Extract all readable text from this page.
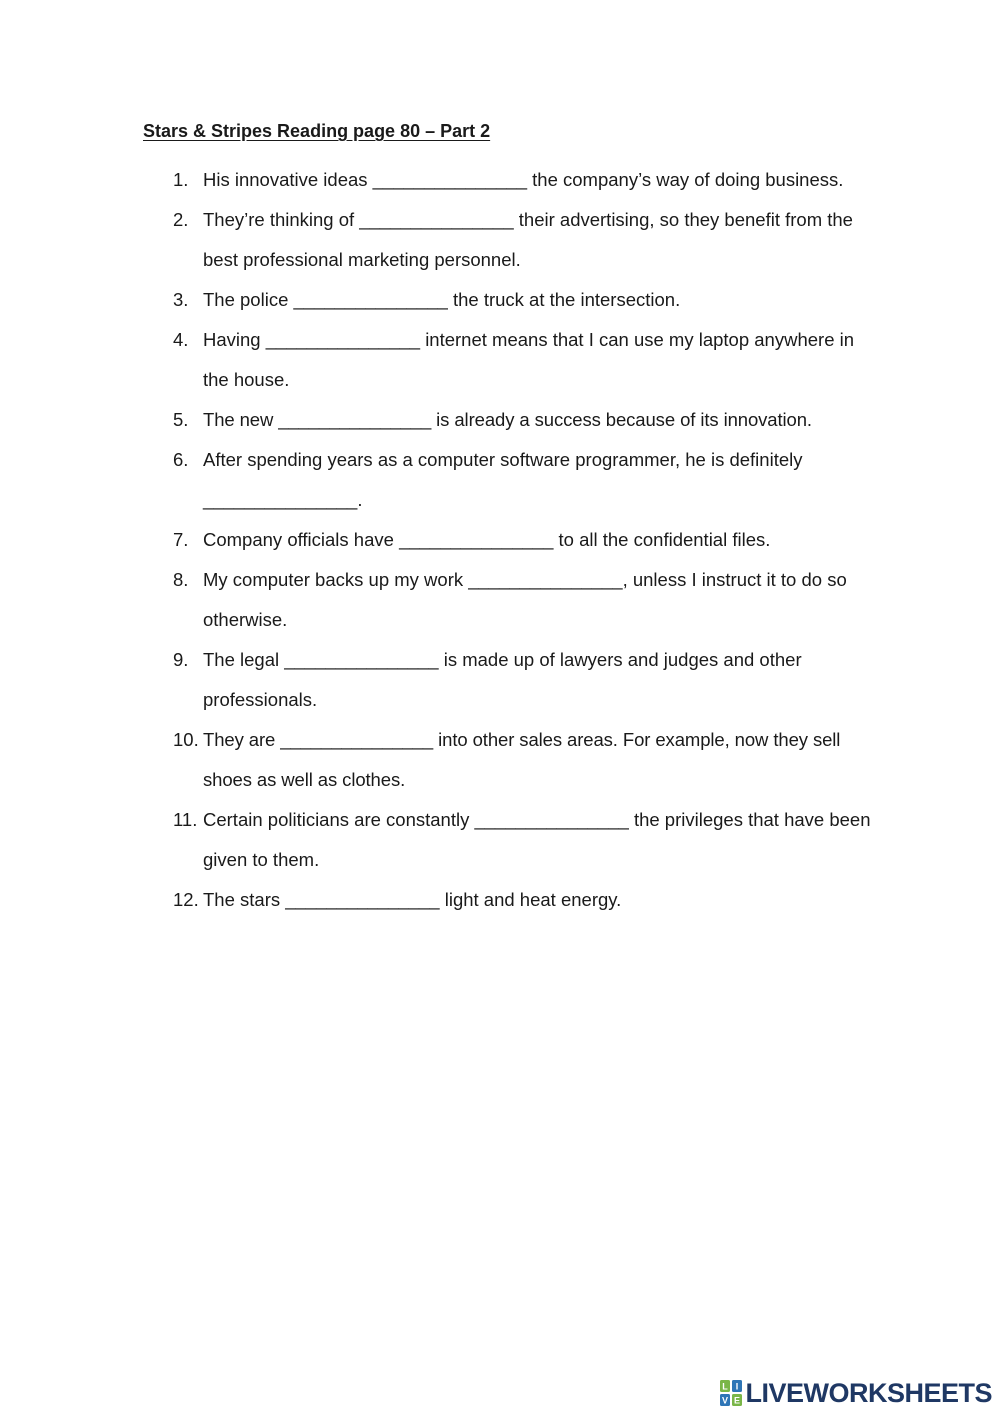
Stars & Stripes Reading page 80 – Part 2
1. His innovative ideas _______________ the company’s way of doing business.
2. They’re thinking of _______________ their advertising, so they benefit from the best professional marketing personnel.
3. The police _______________ the truck at the intersection.
4. Having _______________ internet means that I can use my laptop anywhere in the house.
5. The new _______________ is already a success because of its innovation.
6. After spending years as a computer software programmer, he is definitely _______________.
7. Company officials have _______________ to all the confidential files.
8. My computer backs up my work _______________, unless I instruct it to do so otherwise.
9. The legal _______________ is made up of lawyers and judges and other professionals.
10. They are _______________ into other sales areas. For example, now they sell shoes as well as clothes.
11. Certain politicians are constantly _______________ the privileges that have been given to them.
12. The stars _______________ light and heat energy.
L I
V E LIVEWORKSHEETS
